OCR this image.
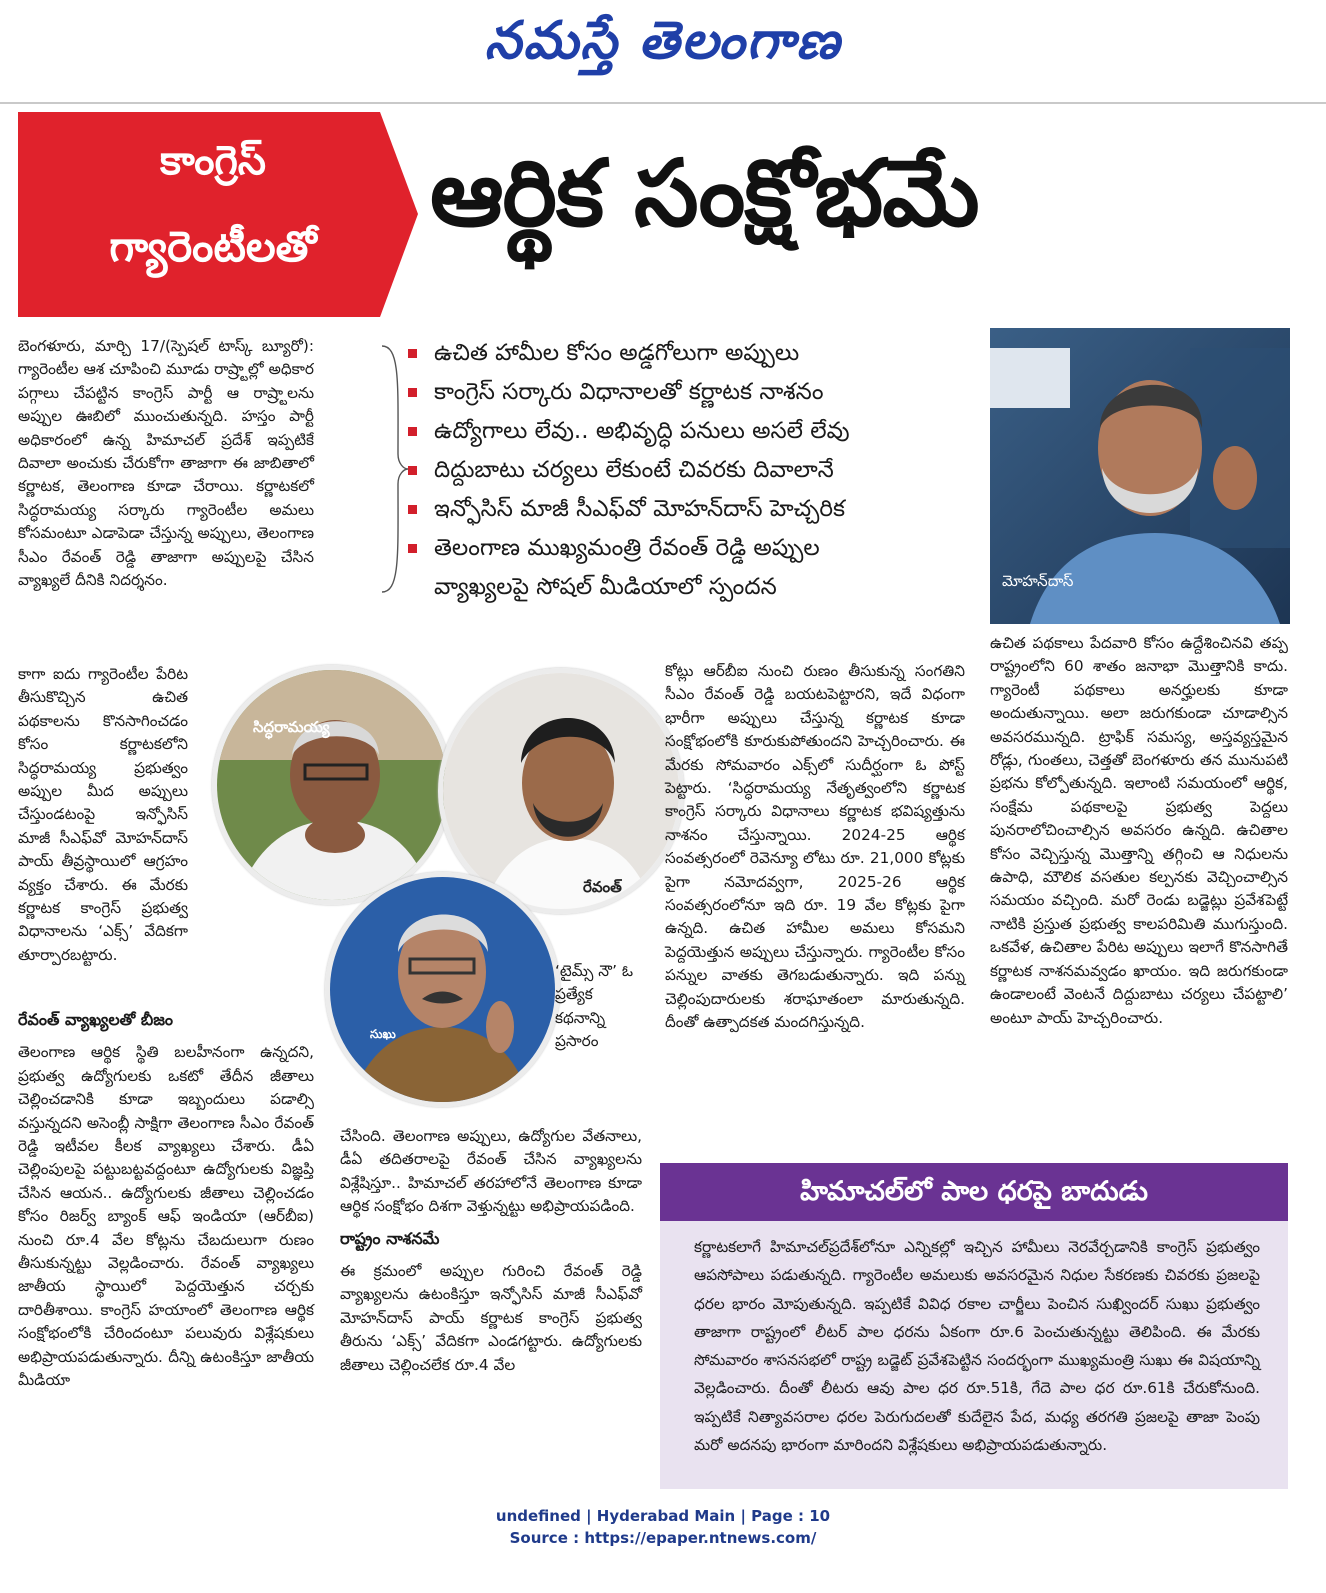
నమస్తే తెలంగాణ
కాంగ్రెస్
గ్యారెంటీలతో	ఆర్థిక సంక్షోభమే
ఉచిత హామీల కోసం అడ్డగోలుగా అప్పులు
కాంగ్రెస్ సర్కారు విధానాలతో కర్ణాటక నాశనం
ఉద్యోగాలు లేవు.. అభివృద్ధి పనులు అసలే లేవు
దిద్దుబాటు చర్యలు లేకుంటే చివరకు దివాలానే
ఇన్ఫోసిస్ మాజీ సీఎఫ్‌వో మోహన్‌దాస్ హెచ్చరిక
తెలంగాణ ముఖ్యమంత్రి రేవంత్ రెడ్డి అప్పుల
వ్యాఖ్యలపై సోషల్ మీడియాలో స్పందన	మోహన్‌దాస్

బెంగళూరు, మార్చి 17/(స్పెషల్ టాస్క్ బ్యూరో): గ్యారెంటీల ఆశ చూపించి మూడు రాష్ర్టాల్లో అధికార పగ్గాలు చేపట్టిన కాంగ్రెస్ పార్టీ ఆ రాష్ర్టాలను అప్పుల ఊబిలో ముంచుతున్నది. హస్తం పార్టీ అధికారంలో ఉన్న హిమాచల్ ప్రదేశ్ ఇప్పటికే దివాలా అంచుకు చేరుకోగా తాజాగా ఈ జాబితాలో కర్ణాటక, తెలంగాణ కూడా చేరాయి. కర్ణాటకలో సిద్ధరామయ్య సర్కారు గ్యారెంటీల అమలు కోసమంటూ ఎడాపెడా చేస్తున్న అప్పులు, తెలంగాణ సీఎం రేవంత్ రెడ్డి తాజాగా అప్పులపై చేసిన వ్యాఖ్యలే దీనికి నిదర్శనం.

కాగా ఐదు గ్యారెంటీల పేరిట తీసుకొచ్చిన ఉచిత పథకాలను కొనసాగించడం కోసం కర్ణాటకలోని సిద్ధరామయ్య ప్రభుత్వం అప్పుల మీద అప్పులు చేస్తుండటంపై ఇన్ఫోసిస్ మాజీ సీఎఫ్‌వో మోహన్‌దాస్ పాయ్ తీవ్రస్థాయిలో ఆగ్రహం వ్యక్తం చేశారు. ఈ మేరకు కర్ణాటక కాంగ్రెస్ ప్రభుత్వ విధానాలను ‘ఎక్స్’ వేదికగా తూర్పారబట్టారు.

రేవంత్ వ్యాఖ్యలతో బీజం

తెలంగాణ ఆర్థిక స్థితి బలహీనంగా ఉన్నదని, ప్రభుత్వ ఉద్యోగులకు ఒకటో తేదీన జీతాలు చెల్లించడానికి కూడా ఇబ్బందులు పడాల్సి వస్తున్నదని అసెంబ్లీ సాక్షిగా తెలంగాణ సీఎం రేవంత్ రెడ్డి ఇటీవల కీలక వ్యాఖ్యలు చేశారు. డీఏ చెల్లింపులపై పట్టుబట్టవద్దంటూ ఉద్యోగులకు విజ్ఞప్తి చేసిన ఆయన.. ఉద్యోగులకు జీతాలు చెల్లించడం కోసం రిజర్వ్ బ్యాంక్ ఆఫ్ ఇండియా (ఆర్‌బీఐ) నుంచి రూ.4 వేల కోట్లను చేబదులుగా రుణం తీసుకున్నట్టు వెల్లడించారు. రేవంత్ వ్యాఖ్యలు జాతీయ స్థాయిలో పెద్దయెత్తున చర్చకు దారితీశాయి. కాంగ్రెస్ హయాంలో తెలంగాణ ఆర్థిక సంక్షోభంలోకి చేరిందంటూ పలువురు విశ్లేషకులు అభిప్రాయపడుతున్నారు. దీన్ని ఉటంకిస్తూ జాతీయ మీడియా

సిద్ధరామయ్య
రేవంత్
సుఖు

‘టైమ్స్ నౌ’ ఓ ప్రత్యేక కథనాన్ని ప్రసారం

చేసింది. తెలంగాణ అప్పులు, ఉద్యోగుల వేతనాలు, డీఏ తదితరాలపై రేవంత్ చేసిన వ్యాఖ్యలను విశ్లేషిస్తూ.. హిమాచల్ తరహాలోనే తెలంగాణ కూడా ఆర్థిక సంక్షోభం దిశగా వెళ్తున్నట్టు అభిప్రాయపడింది.

రాష్ట్రం నాశనమే

ఈ క్రమంలో అప్పుల గురించి రేవంత్ రెడ్డి వ్యాఖ్యలను ఉటంకిస్తూ ఇన్ఫోసిస్ మాజీ సీఎఫ్‌వో మోహన్‌దాస్ పాయ్ కర్ణాటక కాంగ్రెస్ ప్రభుత్వ తీరును ‘ఎక్స్’ వేదికగా ఎండగట్టారు. ఉద్యోగులకు జీతాలు చెల్లించలేక రూ.4 వేల

కోట్లు ఆర్‌బీఐ నుంచి రుణం తీసుకున్న సంగతిని సీఎం రేవంత్ రెడ్డి బయటపెట్టారని, ఇదే విధంగా భారీగా అప్పులు చేస్తున్న కర్ణాటక కూడా సంక్షోభంలోకి కూరుకుపోతుందని హెచ్చరించారు. ఈ మేరకు సోమవారం ఎక్స్‌లో సుదీర్ఘంగా ఓ పోస్ట్ పెట్టారు. ‘సిద్ధరామయ్య నేతృత్వంలోని కర్ణాటక కాంగ్రెస్ సర్కారు విధానాలు కర్ణాటక భవిష్యత్తును నాశనం చేస్తున్నాయి. 2024-25 ఆర్థిక సంవత్సరంలో రెవెన్యూ లోటు రూ. 21,000 కోట్లకు పైగా నమోదవ్వగా, 2025-26 ఆర్థిక సంవత్సరంలోనూ ఇది రూ. 19 వేల కోట్లకు పైగా ఉన్నది. ఉచిత హామీల అమలు కోసమని పెద్దయెత్తున అప్పులు చేస్తున్నారు. గ్యారెంటీల కోసం పన్నుల వాతకు తెగబడుతున్నారు. ఇది పన్ను చెల్లింపుదారులకు శరాఘాతంలా మారుతున్నది. దీంతో ఉత్పాదకత మందగిస్తున్నది.

ఉచిత పథకాలు పేదవారి కోసం ఉద్దేశించినవి తప్ప రాష్ట్రంలోని 60 శాతం జనాభా మొత్తానికి కాదు. గ్యారెంటీ పథకాలు అనర్హులకు కూడా అందుతున్నాయి. అలా జరుగకుండా చూడాల్సిన అవసరమున్నది. ట్రాఫిక్ సమస్య, అస్తవ్యస్తమైన రోడ్లు, గుంతలు, చెత్తతో బెంగళూరు తన మునుపటి ప్రభను కోల్పోతున్నది. ఇలాంటి సమయంలో ఆర్థిక, సంక్షేమ పథకాలపై ప్రభుత్వ పెద్దలు పునరాలోచించాల్సిన అవసరం ఉన్నది. ఉచితాల కోసం వెచ్చిస్తున్న మొత్తాన్ని తగ్గించి ఆ నిధులను ఉపాధి, మౌలిక వసతుల కల్పనకు వెచ్చించాల్సిన సమయం వచ్చింది. మరో రెండు బడ్జెట్లు ప్రవేశపెట్టే నాటికి ప్రస్తుత ప్రభుత్వ కాలపరిమితి ముగుస్తుంది. ఒకవేళ, ఉచితాల పేరిట అప్పులు ఇలాగే కొనసాగితే కర్ణాటక నాశనమవ్వడం ఖాయం. ఇది జరుగకుండా ఉండాలంటే వెంటనే దిద్దుబాటు చర్యలు చేపట్టాలి’ అంటూ పాయ్ హెచ్చరించారు.

హిమాచల్‌లో పాల ధరపై బాదుడు
కర్ణాటకలాగే హిమాచల్‌ప్రదేశ్‌లోనూ ఎన్నికల్లో ఇచ్చిన హామీలు నెరవేర్చడానికి కాంగ్రెస్ ప్రభుత్వం ఆపసోపాలు పడుతున్నది. గ్యారెంటీల అమలుకు అవసరమైన నిధుల సేకరణకు చివరకు ప్రజలపై ధరల భారం మోపుతున్నది. ఇప్పటికే వివిధ రకాల చార్జీలు పెంచిన సుఖ్విందర్ సుఖు ప్రభుత్వం తాజాగా రాష్ట్రంలో లీటర్ పాల ధరను ఏకంగా రూ.6 పెంచుతున్నట్టు తెలిపింది. ఈ మేరకు సోమవారం శాసనసభలో రాష్ట్ర బడ్జెట్ ప్రవేశపెట్టిన సందర్భంగా ముఖ్యమంత్రి సుఖు ఈ విషయాన్ని వెల్లడించారు. దీంతో లీటరు ఆవు పాల ధర రూ.51కి, గేదె పాల ధర రూ.61కి చేరుకోనుంది. ఇప్పటికే నిత్యావసరాల ధరల పెరుగుదలతో కుదేలైన పేద, మధ్య తరగతి ప్రజలపై తాజా పెంపు మరో అదనపు భారంగా మారిందని విశ్లేషకులు అభిప్రాయపడుతున్నారు.
undefined | Hyderabad Main | Page : 10
Source : https://epaper.ntnews.com/
